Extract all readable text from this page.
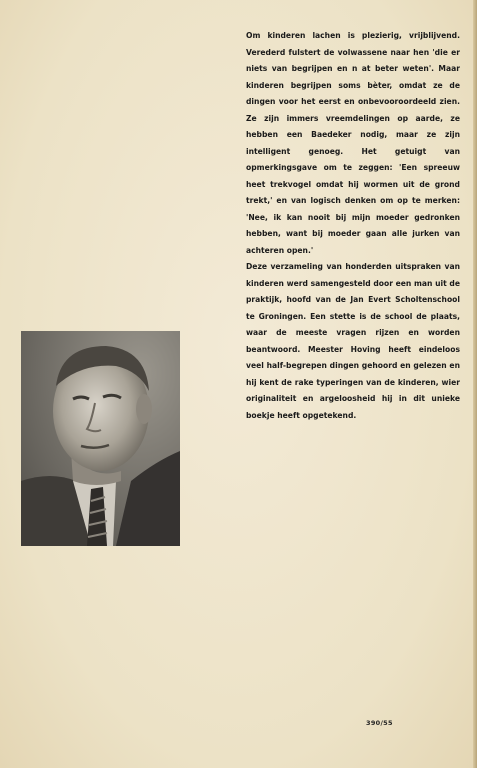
Om kinderen lachen is plezierig, vrijblijvend. Verederd fulstert de volwassene naar hen 'die er niets van begrijpen en n at beter weten'. Maar kinderen begrijpen soms bèter, omdat ze de dingen voor het eerst en onbevooroordeeld zien. Ze zijn immers vreemdelingen op aarde, ze hebben een Baedeker nodig, maar ze zijn intelligent genoeg. Het getuigt van opmerkingsgave om te zeggen: 'Een spreeuw heet trekvogel omdat hij wormen uit de grond trekt,' en van logisch denken om op te merken: 'Nee, ik kan nooit bij mijn moeder gedronken hebben, want bij moeder gaan alle jurken van achteren open.'

Deze verzameling van honderden uitspraken van kinderen werd samengesteld door een man uit de praktijk, hoofd van de Jan Evert Scholtenschool te Groningen. Een stette is de school de plaats, waar de meeste vragen rijzen en worden beantwoord. Meester Hoving heeft eindeloos veel half-begrepen dingen gehoord en gelezen en hij kent de rake typeringen van de kinderen, wier originaliteit en argeloosheid hij in dit unieke boekje heeft opgetekend.

390/55
